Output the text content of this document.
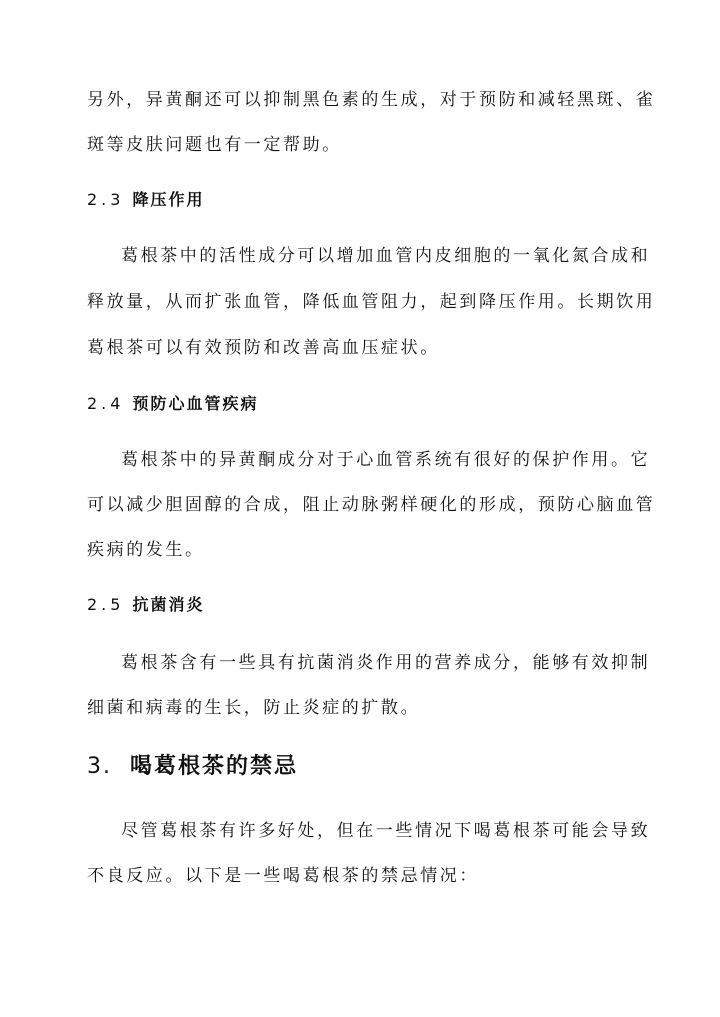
另外，异黄酮还可以抑制黑色素的生成，对于预防和减轻黑斑、雀
斑等皮肤问题也有一定帮助。
2.3 降压作用
葛根茶中的活性成分可以增加血管内皮细胞的一氧化氮合成和
释放量，从而扩张血管，降低血管阻力，起到降压作用。长期饮用
葛根茶可以有效预防和改善高血压症状。
2.4 预防心血管疾病
葛根茶中的异黄酮成分对于心血管系统有很好的保护作用。它
可以减少胆固醇的合成，阻止动脉粥样硬化的形成，预防心脑血管
疾病的发生。
2.5 抗菌消炎
葛根茶含有一些具有抗菌消炎作用的营养成分，能够有效抑制
细菌和病毒的生长，防止炎症的扩散。
3. 喝葛根茶的禁忌
尽管葛根茶有许多好处，但在一些情况下喝葛根茶可能会导致
不良反应。以下是一些喝葛根茶的禁忌情况：
